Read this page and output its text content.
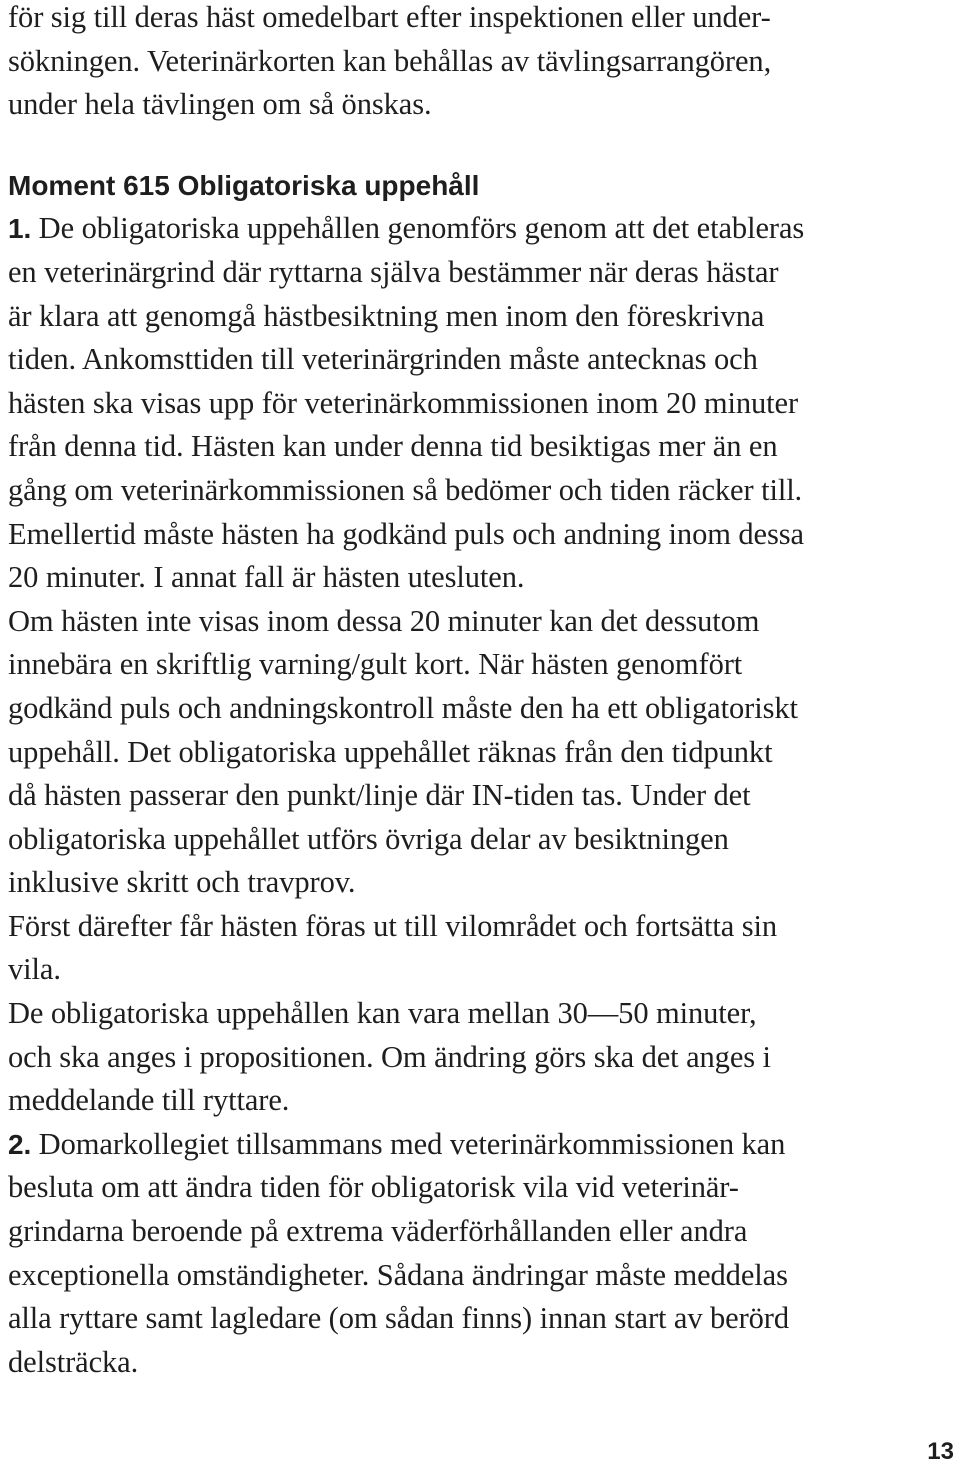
för sig till deras häst omedelbart efter inspektionen eller under-
sökningen. Veterinärkorten kan behållas av tävlingsarrangören,
under hela tävlingen om så önskas.
Moment 615 Obligatoriska uppehåll
1. De obligatoriska uppehållen genomförs genom att det etableras
en veterinärgrind där ryttarna själva bestämmer när deras hästar
är klara att genomgå hästbesiktning men inom den föreskrivna
tiden. Ankomsttiden till veterinärgrinden måste antecknas och
hästen ska visas upp för veterinärkommissionen inom 20 minuter
från denna tid. Hästen kan under denna tid besiktigas mer än en
gång om veterinärkommissionen så bedömer och tiden räcker till.
Emellertid måste hästen ha godkänd puls och andning inom dessa
20 minuter. I annat fall är hästen utesluten.
Om hästen inte visas inom dessa 20 minuter kan det dessutom
innebära en skriftlig varning/gult kort. När hästen genomfört
godkänd puls och andningskontroll måste den ha ett obligatoriskt
uppehåll. Det obligatoriska uppehållet räknas från den tidpunkt
då hästen passerar den punkt/linje där IN-tiden tas. Under det
obligatoriska uppehållet utförs övriga delar av besiktningen
inklusive skritt och travprov.
Först därefter får hästen föras ut till vilområdet och fortsätta sin
vila.
De obligatoriska uppehållen kan vara mellan 30—50 minuter,
och ska anges i propositionen. Om ändring görs ska det anges i
meddelande till ryttare.
2. Domarkollegiet tillsammans med veterinärkommissionen kan
besluta om att ändra tiden för obligatorisk vila vid veterinär-
grindarna beroende på extrema väderförhållanden eller andra
exceptionella omständigheter. Sådana ändringar måste meddelas
alla ryttare samt lagledare (om sådan finns) innan start av berörd
delsträcka.
13
